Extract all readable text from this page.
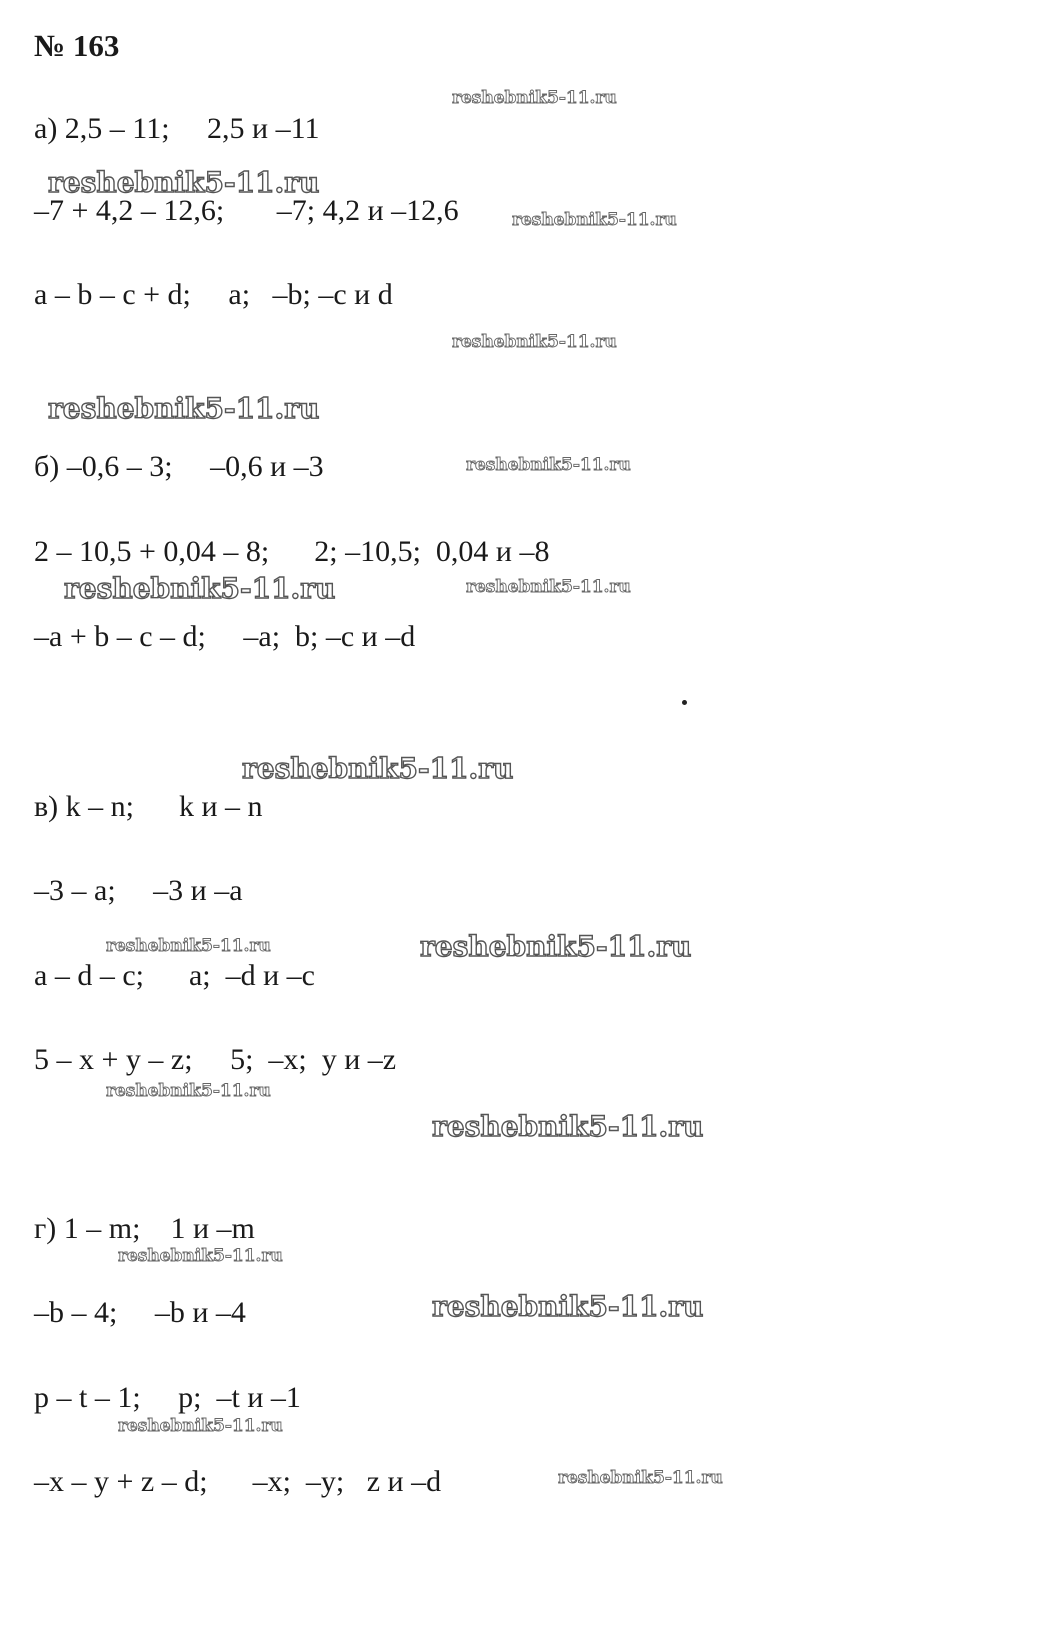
№ 163
а) 2,5 – 11;     2,5 и –11
–7 + 4,2 – 12,6;       –7; 4,2 и –12,6
a – b – c + d;     a;   –b; –c и d
б) –0,6 – 3;     –0,6 и –3
2 – 10,5 + 0,04 – 8;      2; –10,5;  0,04 и –8
–a + b – c – d;     –a;  b; –c и –d
в) k – n;      k и – n
–3 – a;     –3 и –a
a – d – c;      a;  –d и –c
5 – x + y – z;     5;  –x;  y и –z
г) 1 – m;    1 и –m
–b – 4;     –b и –4
p – t – 1;     p;  –t и –1
–x – y + z – d;      –x;  –y;   z и –d
reshebnik5-11.ru
reshebnik5-11.ru
reshebnik5-11.ru
reshebnik5-11.ru
reshebnik5-11.ru
reshebnik5-11.ru
reshebnik5-11.ru	reshebnik5-11.ru
reshebnik5-11.ru
reshebnik5-11.ru	reshebnik5-11.ru
reshebnik5-11.ru
reshebnik5-11.ru
reshebnik5-11.ru
reshebnik5-11.ru
reshebnik5-11.ru
reshebnik5-11.ru
